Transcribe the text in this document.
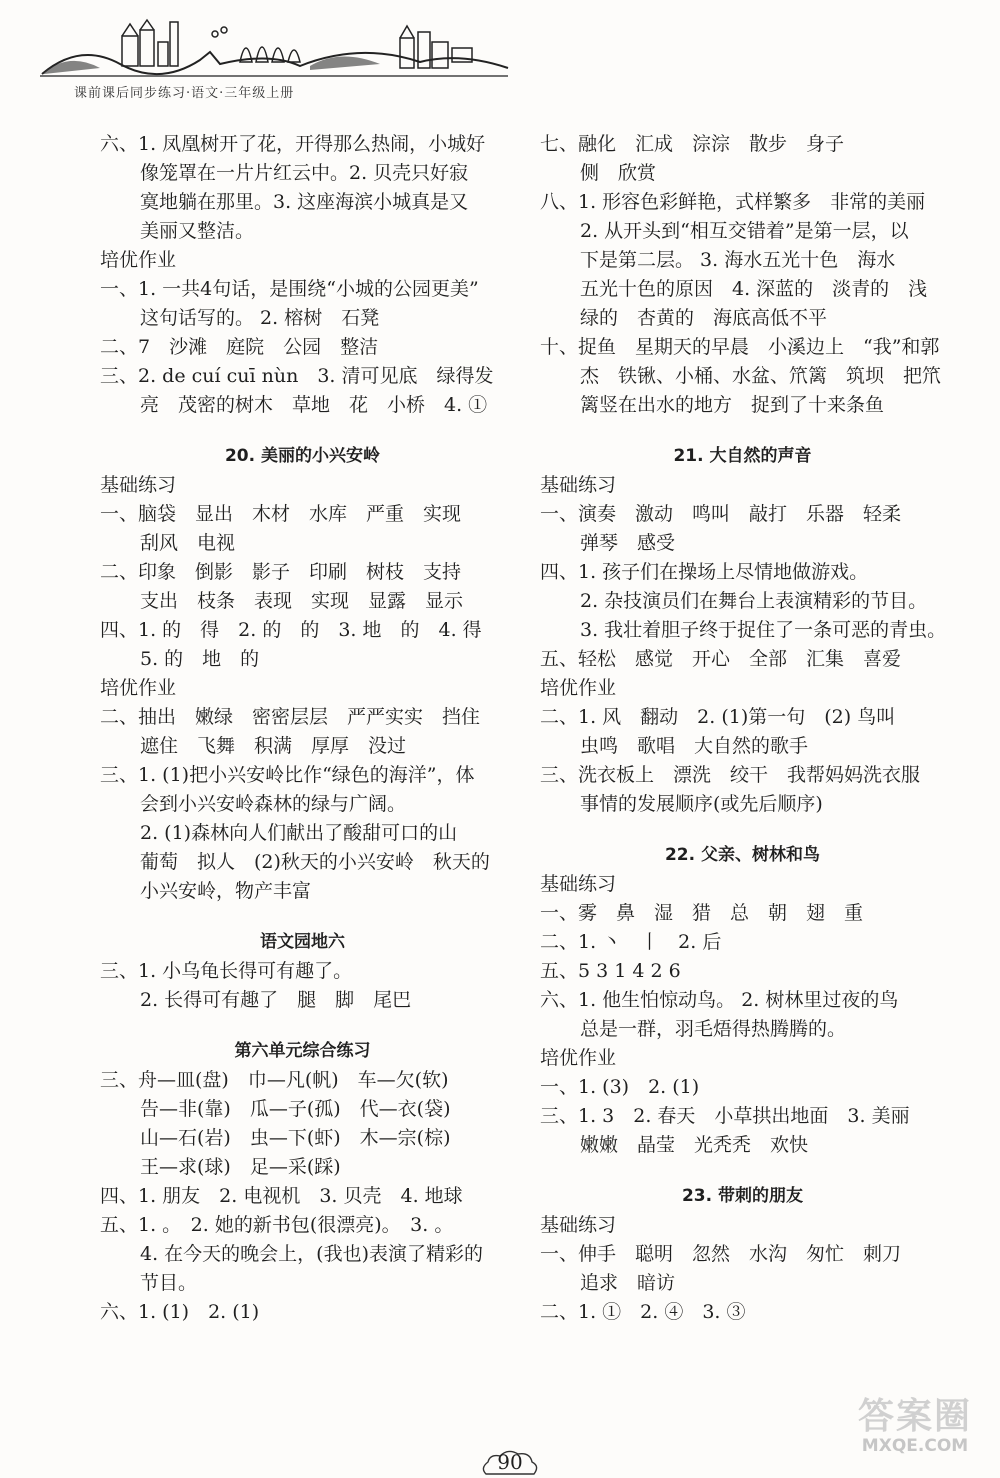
课前课后同步练习·语文·三年级上册
六、1. 凤凰树开了花，开得那么热闹，小城好
像笼罩在一片片红云中。2. 贝壳只好寂
寞地躺在那里。3. 这座海滨小城真是又
美丽又整洁。
培优作业
一、1. 一共4句话，是围绕“小城的公园更美”
这句话写的。 2. 榕树　石凳
二、7　沙滩　庭院　公园　整洁
三、2. de cuí cuī nùn　3. 清可见底　绿得发
亮　茂密的树木　草地　花　小桥　4. ①
20. 美丽的小兴安岭
基础练习
一、脑袋　显出　木材　水库　严重　实现
刮风　电视
二、印象　倒影　影子　印刷　树枝　支持
支出　枝条　表现　实现　显露　显示
四、1. 的　得　2. 的　的　3. 地　的　4. 得
5. 的　地　的
培优作业
二、抽出　嫩绿　密密层层　严严实实　挡住
遮住　飞舞　积满　厚厚　没过
三、1. (1)把小兴安岭比作“绿色的海洋”，体
会到小兴安岭森林的绿与广阔。
2. (1)森林向人们献出了酸甜可口的山
葡萄　拟人　(2)秋天的小兴安岭　秋天的
小兴安岭，物产丰富
语文园地六
三、1. 小乌龟长得可有趣了。
2. 长得可有趣了　腿　脚　尾巴
第六单元综合练习
三、舟—皿(盘)　巾—凡(帆)　车—欠(软)
告—非(靠)　瓜—子(孤)　代—衣(袋)
山—石(岩)　虫—下(虾)　木—宗(棕)
王—求(球)　足—采(踩)
四、1. 朋友　2. 电视机　3. 贝壳　4. 地球
五、1. 。　2. 她的新书包(很漂亮)。　3. 。
4. 在今天的晚会上，(我也)表演了精彩的
节目。
六、1. (1)　2. (1)
七、融化　汇成　淙淙　散步　身子
侧　欣赏
八、1. 形容色彩鲜艳，式样繁多　非常的美丽
2. 从开头到“相互交错着”是第一层，以
下是第二层。 3. 海水五光十色　海水
五光十色的原因　4. 深蓝的　淡青的　浅
绿的　杏黄的　海底高低不平
十、捉鱼　星期天的早晨　小溪边上　“我”和郭
杰　铁锹、小桶、水盆、笊篱　筑坝　把笊
篱竖在出水的地方　捉到了十来条鱼
21. 大自然的声音
基础练习
一、演奏　激动　鸣叫　敲打　乐器　轻柔
弹琴　感受
四、1. 孩子们在操场上尽情地做游戏。
2. 杂技演员们在舞台上表演精彩的节目。
3. 我壮着胆子终于捉住了一条可恶的青虫。
五、轻松　感觉　开心　全部　汇集　喜爱
培优作业
二、1. 风　翻动　2. (1)第一句　(2) 鸟叫
虫鸣　歌唱　大自然的歌手
三、洗衣板上　漂洗　绞干　我帮妈妈洗衣服
事情的发展顺序(或先后顺序)
22. 父亲、树林和鸟
基础练习
一、雾　鼻　湿　猎　总　朝　翅　重
二、1. 丶　丨　2. 后
五、5 3 1 4 2 6
六、1. 他生怕惊动鸟。 2. 树林里过夜的鸟
总是一群，羽毛焐得热腾腾的。
培优作业
一、1. (3)　2. (1)
三、1. 3　2. 春天　小草拱出地面　3. 美丽
嫩嫩　晶莹　光秃秃　欢快
23. 带刺的朋友
基础练习
一、伸手　聪明　忽然　水沟　匆忙　刺刀
追求　暗访
二、1. ①　2. ④　3. ③
90
答案圈
MXQE.COM
